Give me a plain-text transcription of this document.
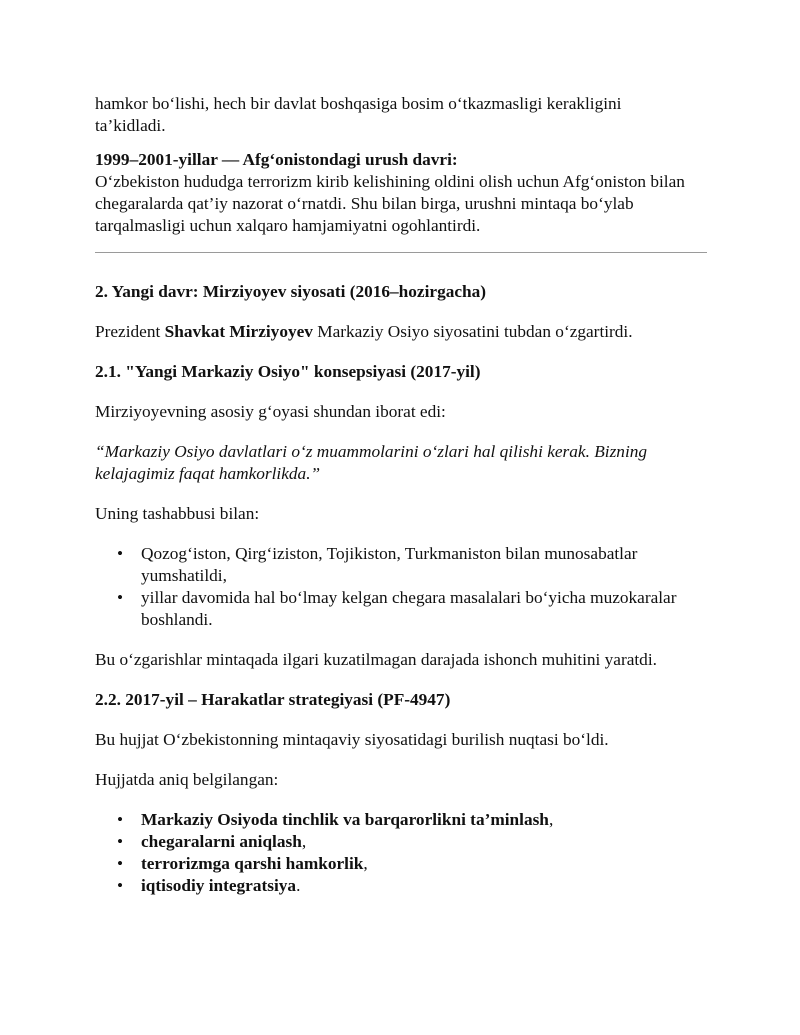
hamkor bo‘lishi, hech bir davlat boshqasiga bosim o‘tkazmasligi kerakligini
ta’kidladi.

1999–2001-yillar — Afg‘onistondagi urush davri:

O‘zbekiston hududga terrorizm kirib kelishining oldini olish uchun Afg‘oniston bilan chegaralarda qat’iy nazorat o‘rnatdi. Shu bilan birga, urushni mintaqa bo‘ylab tarqalmasligi uchun xalqaro hamjamiyatni ogohlantirdi.

2. Yangi davr: Mirziyoyev siyosati (2016–hozirgacha)

Prezident Shavkat Mirziyoyev Markaziy Osiyo siyosatini tubdan o‘zgartirdi.

2.1. "Yangi Markaziy Osiyo" konsepsiyasi (2017-yil)

Mirziyoyevning asosiy g‘oyasi shundan iborat edi:

“Markaziy Osiyo davlatlari o‘z muammolarini o‘zlari hal qilishi kerak. Bizning kelajagimiz faqat hamkorlikda.”

Uning tashabbusi bilan:

• Qozog‘iston, Qirg‘iziston, Tojikiston, Turkmaniston bilan munosabatlar yumshatildi,
• yillar davomida hal bo‘lmay kelgan chegara masalalari bo‘yicha muzokaralar boshlandi.

Bu o‘zgarishlar mintaqada ilgari kuzatilmagan darajada ishonch muhitini yaratdi.

2.2. 2017-yil – Harakatlar strategiyasi (PF-4947)

Bu hujjat O‘zbekistonning mintaqaviy siyosatidagi burilish nuqtasi bo‘ldi.

Hujjatda aniq belgilangan:

• Markaziy Osiyoda tinchlik va barqarorlikni ta’minlash,
• chegaralarni aniqlash,
• terrorizmga qarshi hamkorlik,
• iqtisodiy integratsiya.
